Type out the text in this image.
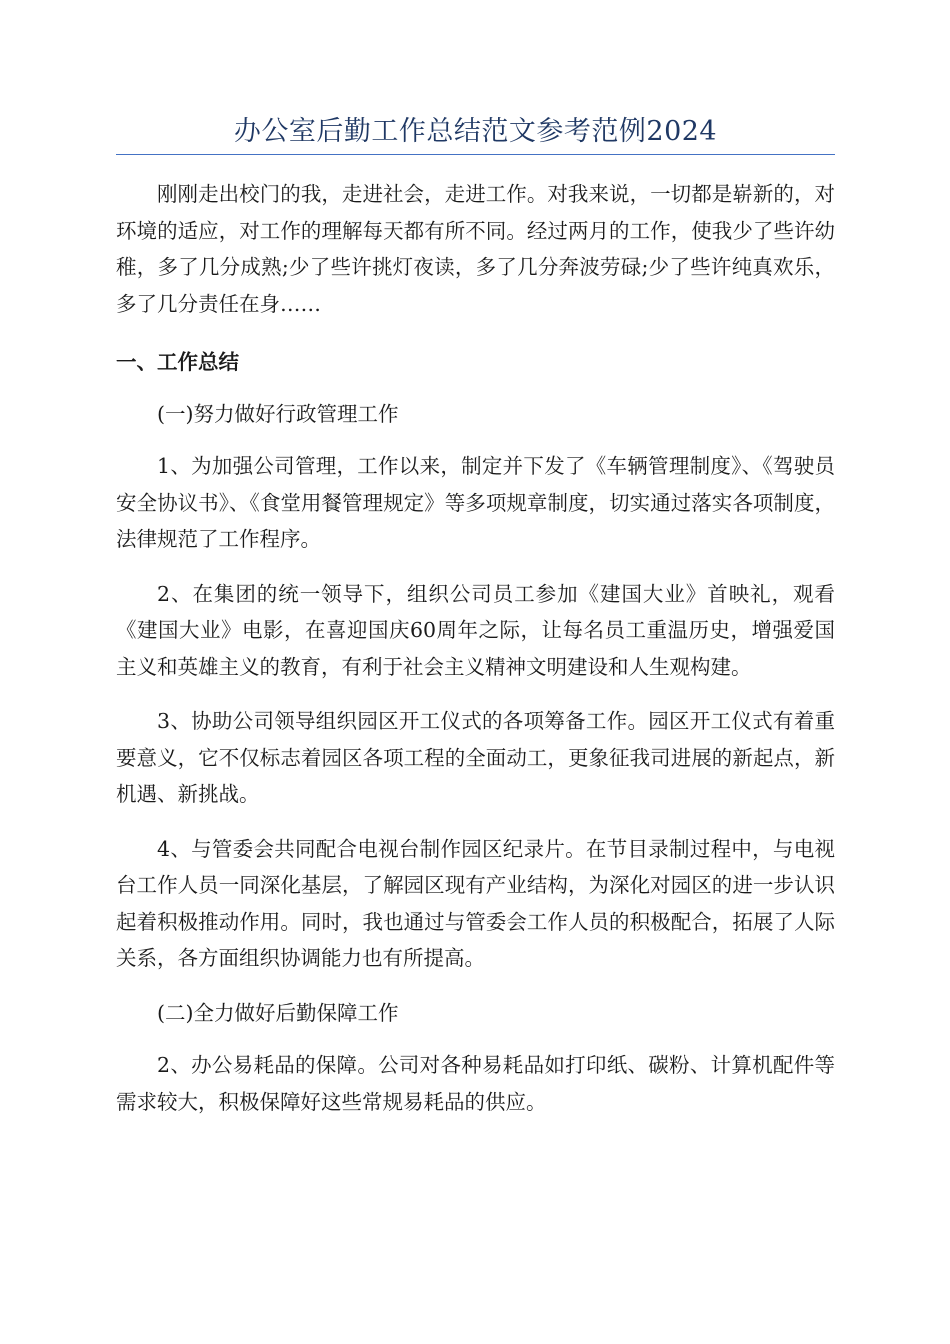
办公室后勤工作总结范文参考范例2024

刚刚走出校门的我，走进社会，走进工作。对我来说，一切都是崭新的，对环境的适应，对工作的理解每天都有所不同。经过两月的工作，使我少了些许幼稚，多了几分成熟;少了些许挑灯夜读，多了几分奔波劳碌;少了些许纯真欢乐，多了几分责任在身……

一、工作总结

(一)努力做好行政管理工作

1、为加强公司管理，工作以来，制定并下发了《车辆管理制度》、《驾驶员安全协议书》、《食堂用餐管理规定》等多项规章制度，切实通过落实各项制度，法律规范了工作程序。

2、在集团的统一领导下，组织公司员工参加《建国大业》首映礼，观看《建国大业》电影，在喜迎国庆60周年之际，让每名员工重温历史，增强爱国主义和英雄主义的教育，有利于社会主义精神文明建设和人生观构建。

3、协助公司领导组织园区开工仪式的各项筹备工作。园区开工仪式有着重要意义，它不仅标志着园区各项工程的全面动工，更象征我司进展的新起点，新机遇、新挑战。

4、与管委会共同配合电视台制作园区纪录片。在节目录制过程中，与电视台工作人员一同深化基层，了解园区现有产业结构，为深化对园区的进一步认识起着积极推动作用。同时，我也通过与管委会工作人员的积极配合，拓展了人际关系，各方面组织协调能力也有所提高。

(二)全力做好后勤保障工作

2、办公易耗品的保障。公司对各种易耗品如打印纸、碳粉、计算机配件等需求较大，积极保障好这些常规易耗品的供应。
